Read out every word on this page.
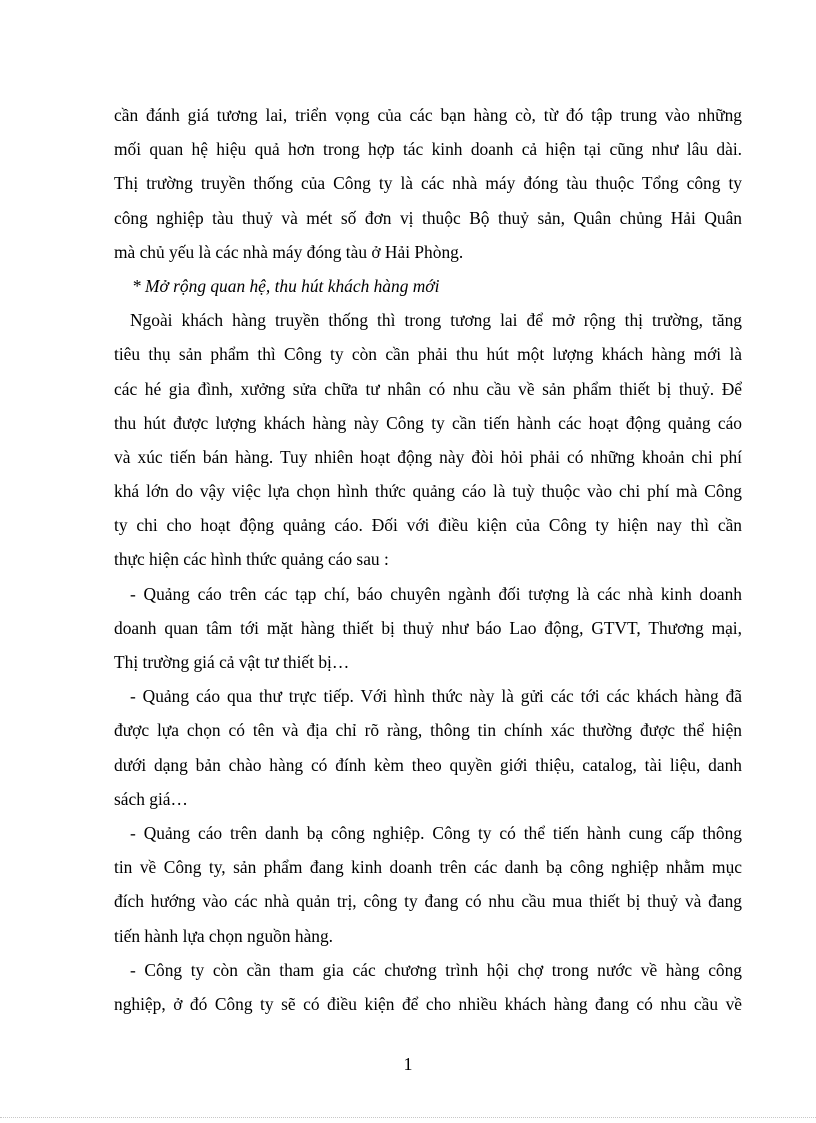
cần đánh giá tương lai, triển vọng của các bạn hàng cò, từ đó tập trung vào những
mối quan hệ hiệu quả hơn trong hợp tác kinh doanh cả hiện tại cũng như lâu dài.
Thị trường truyền thống của Công ty là các nhà máy đóng tàu thuộc Tổng công ty
công nghiệp tàu thuỷ và mét số đơn vị thuộc Bộ thuỷ sản, Quân chủng Hải Quân
mà chủ yếu là các nhà máy đóng tàu ở Hải Phòng.
* Mở rộng quan hệ, thu hút khách hàng mới
Ngoài khách hàng truyền thống thì trong tương lai để mở rộng thị trường, tăng
tiêu thụ sản phẩm thì Công ty còn cần phải thu hút một lượng khách hàng mới là
các hé gia đình, xưởng sửa chữa tư nhân có nhu cầu về sản phẩm thiết bị thuỷ. Để
thu hút được lượng khách hàng này Công ty cần tiến hành các hoạt động quảng cáo
và xúc tiến bán hàng. Tuy nhiên hoạt động này đòi hỏi phải có những khoản chi phí
khá lớn do vậy việc lựa chọn hình thức quảng cáo là tuỳ thuộc vào chi phí mà Công
ty chi cho hoạt động quảng cáo. Đối với điều kiện của Công ty hiện nay thì cần
thực hiện các hình thức quảng cáo sau :
- Quảng cáo trên các tạp chí, báo chuyên ngành đối tượng là các nhà kinh doanh
doanh quan tâm tới mặt hàng thiết bị thuỷ như báo Lao động, GTVT, Thương mại,
Thị trường giá cả vật tư thiết bị…
- Quảng cáo qua thư trực tiếp. Với hình thức này là gửi các tới các khách hàng đã
được lựa chọn có tên và địa chỉ rõ ràng, thông tin chính xác thường được thể hiện
dưới dạng bản chào hàng có đính kèm theo quyền giới thiệu, catalog, tài liệu, danh
sách giá…
- Quảng cáo trên danh bạ công nghiệp. Công ty có thể tiến hành cung cấp thông
tin về Công ty, sản phẩm đang kinh doanh trên các danh bạ công nghiệp nhằm mục
đích hướng vào các nhà quản trị, công ty đang có nhu cầu mua thiết bị thuỷ và đang
tiến hành lựa chọn nguồn hàng.
- Công ty còn cần tham gia các chương trình hội chợ trong nước về hàng công
nghiệp, ở đó Công ty sẽ có điều kiện để cho nhiều khách hàng đang có nhu cầu về
1
